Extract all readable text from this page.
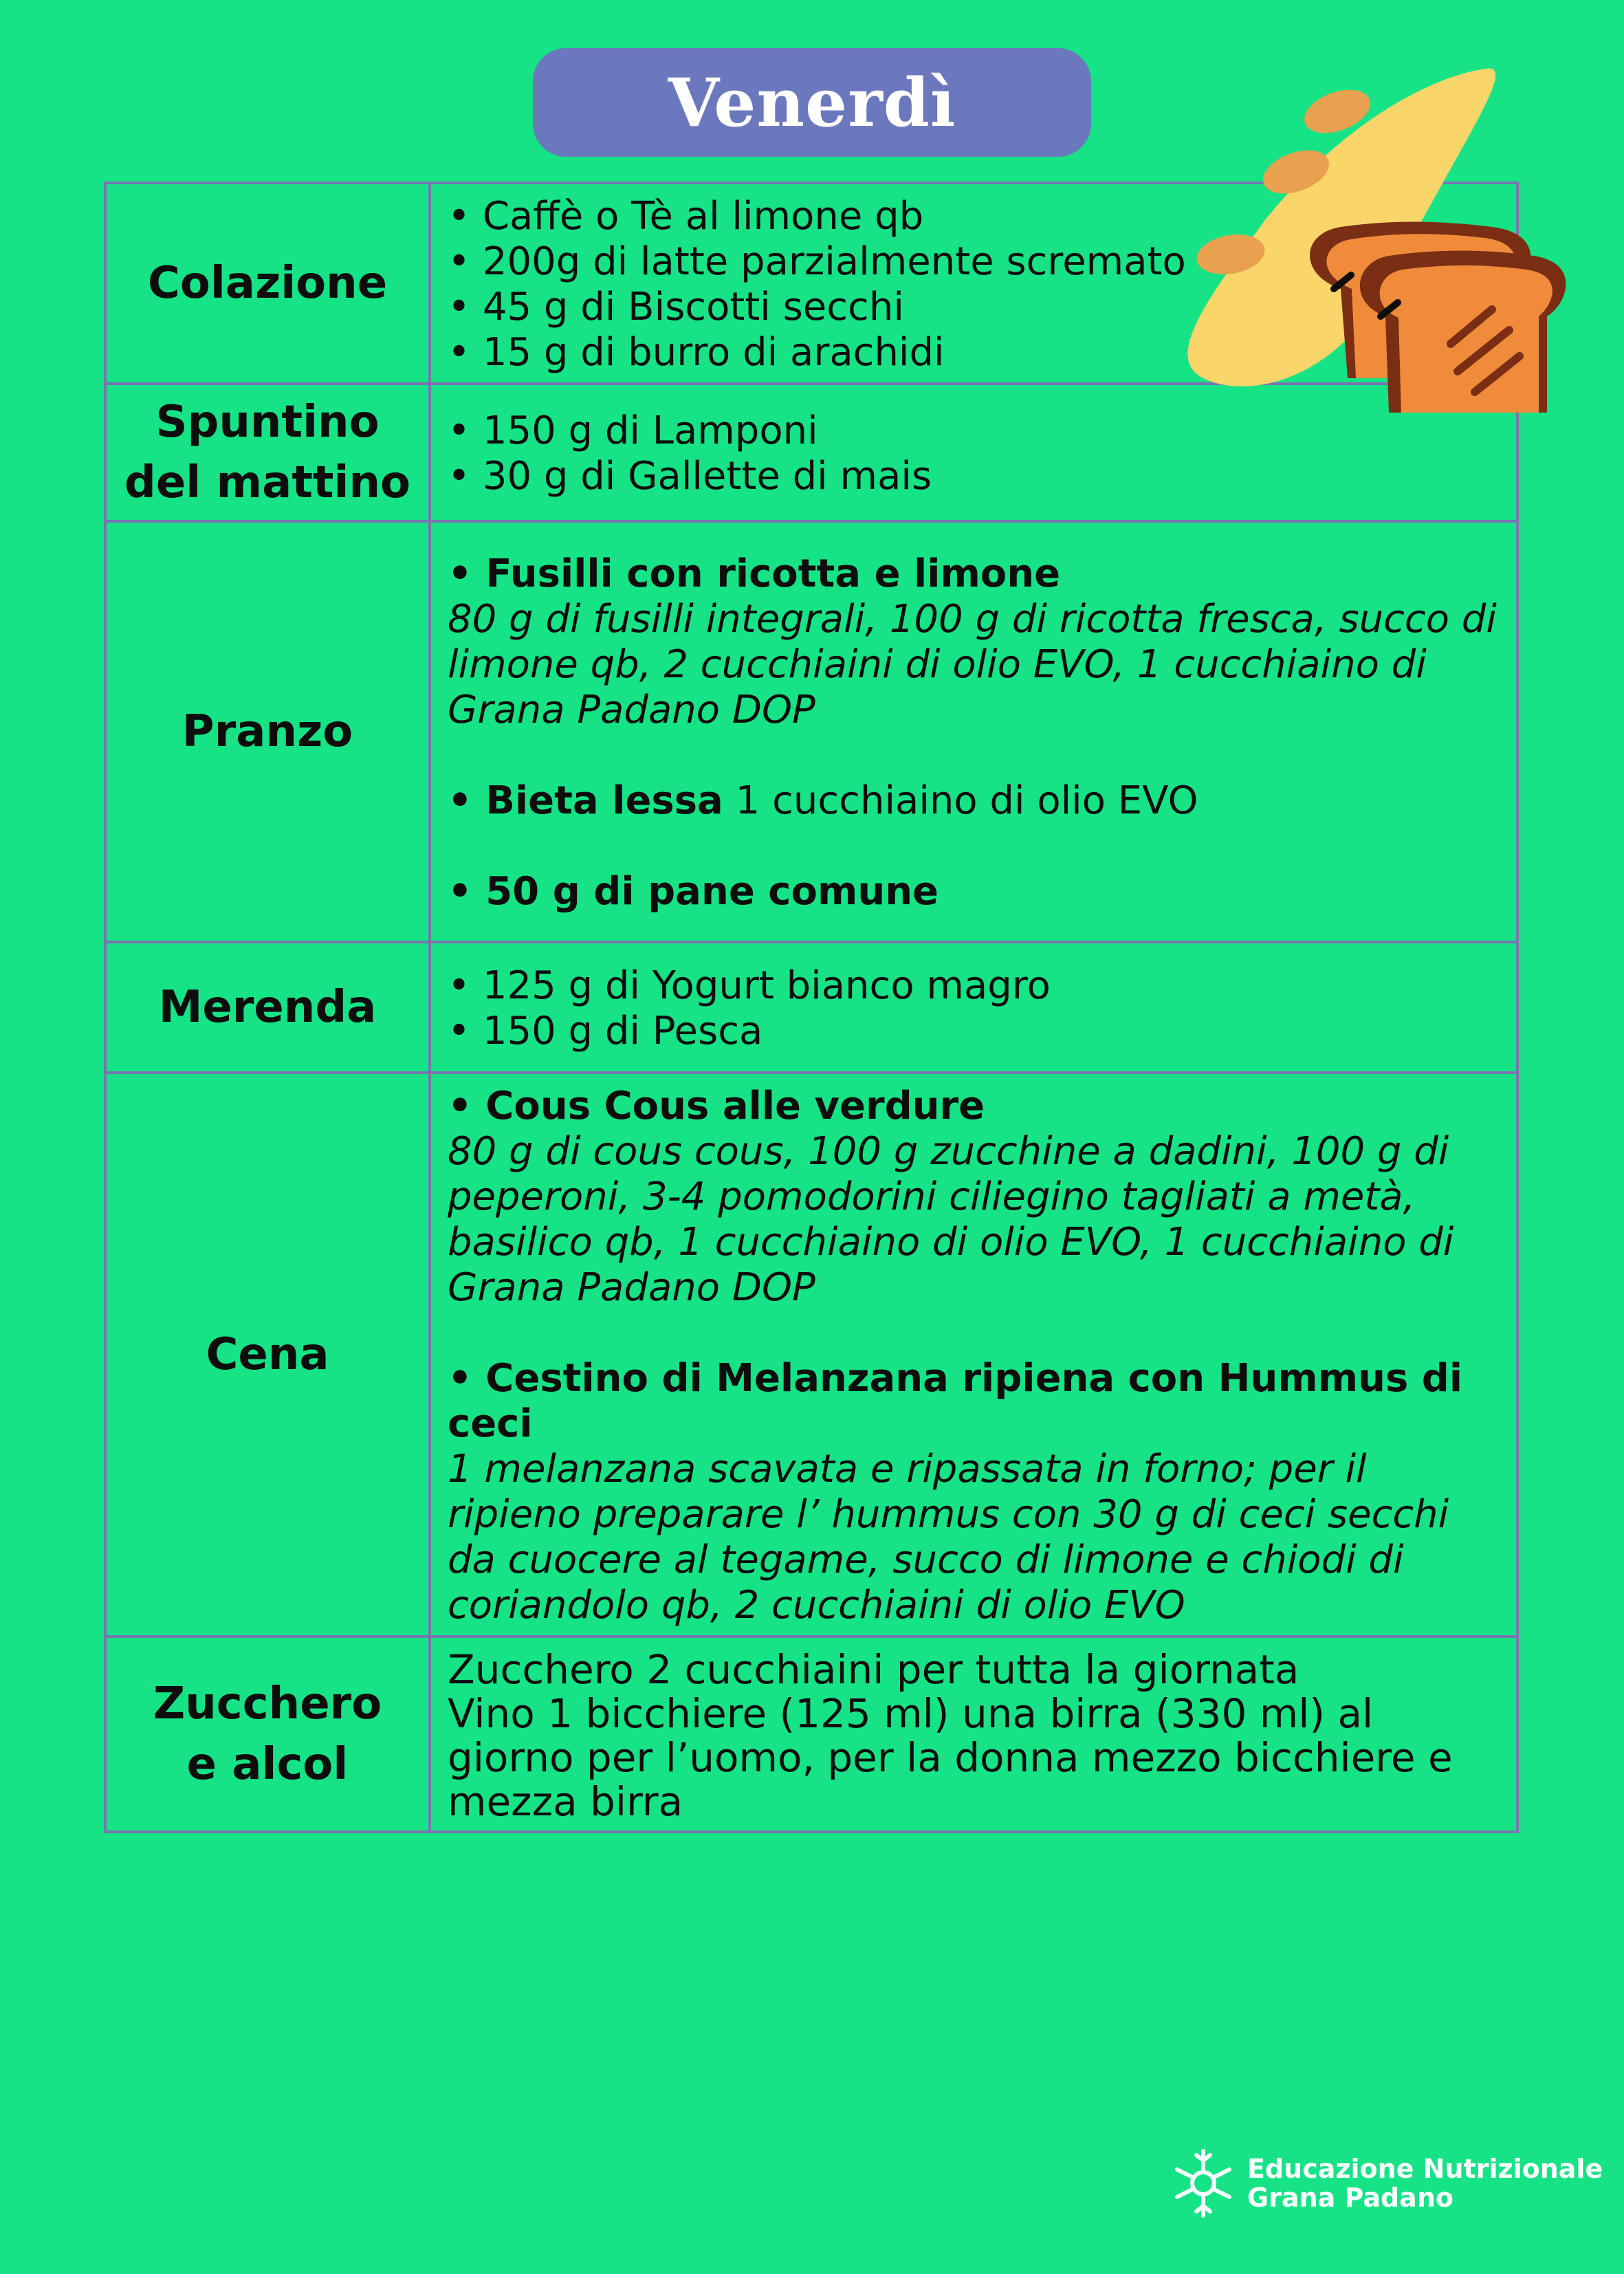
Venerdì
Colazione	• Caffè o Tè al limone qb
• 200g di latte parzialmente scremato
• 45 g di Biscotti secchi
• 15 g di burro di arachidi

Spuntino
del mattino	• 150 g di Lamponi
• 30 g di Gallette di mais

Pranzo	• Fusilli con ricotta e limone
80 g di fusilli integrali, 100 g di ricotta fresca, succo di limone qb, 2 cucchiaini di olio EVO, 1 cucchiaino di Grana Padano DOP
• Bieta lessa 1 cucchiaino di olio EVO
• 50 g di pane comune

Merenda	• 125 g di Yogurt bianco magro
• 150 g di Pesca

Cena	• Cous Cous alle verdure
80 g di cous cous, 100 g zucchine a dadini, 100 g di peperoni, 3-4 pomodorini ciliegino tagliati a metà, basilico qb, 1 cucchiaino di olio EVO, 1 cucchiaino di Grana Padano DOP
• Cestino di Melanzana ripiena con Hummus di ceci
1 melanzana scavata e ripassata in forno; per il ripieno preparare l’ hummus con 30 g di ceci secchi da cuocere al tegame, succo di limone e chiodi di coriandolo qb, 2 cucchiaini di olio EVO

Zucchero
e alcol	Zucchero 2 cucchiaini per tutta la giornata
Vino 1 bicchiere (125 ml) una birra (330 ml) al giorno per l’uomo, per la donna mezzo bicchiere e mezza birra
Educazione Nutrizionale
Grana Padano
